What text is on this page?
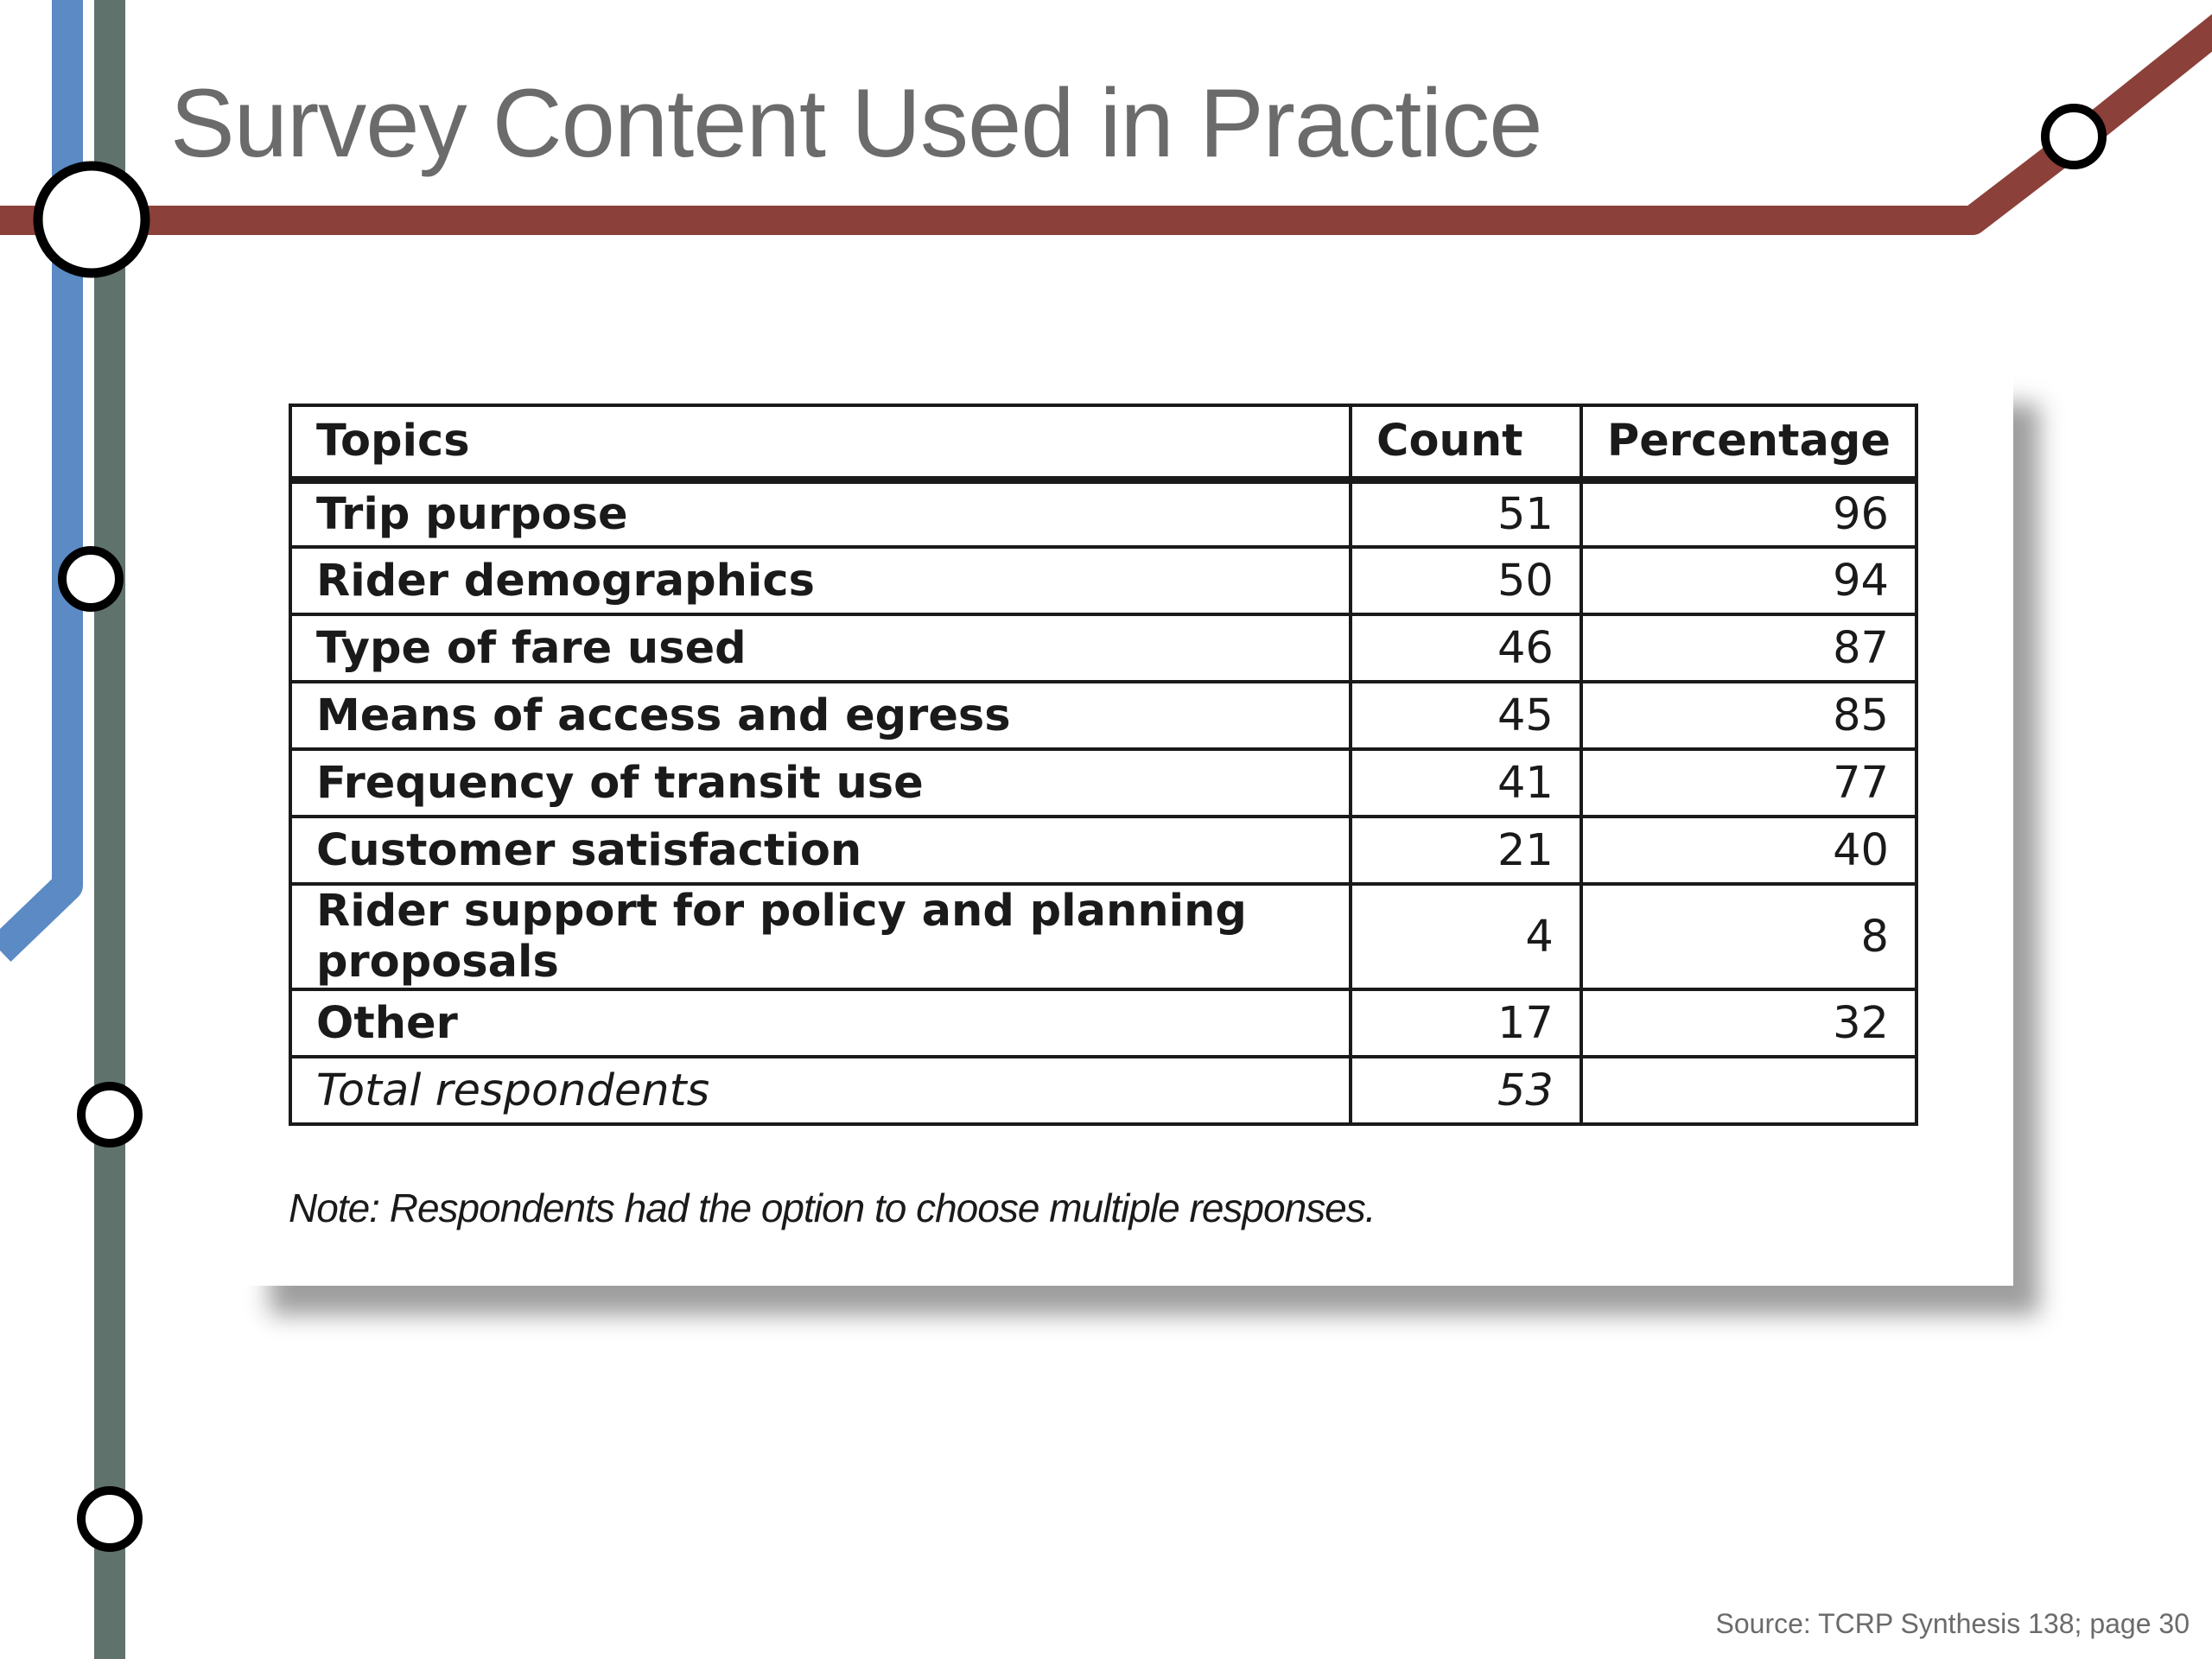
Survey Content Used in Practice
Topics	Count	Percentage
Trip purpose	51	96
Rider demographics	50	94
Type of fare used	46	87
Means of access and egress	45	85
Frequency of transit use	41	77
Customer satisfaction	21	40
Rider support for policy and planning proposals	4	8
Other	17	32
Total respondents	53	
Note: Respondents had the option to choose multiple responses.
Source: TCRP Synthesis 138; page 30
